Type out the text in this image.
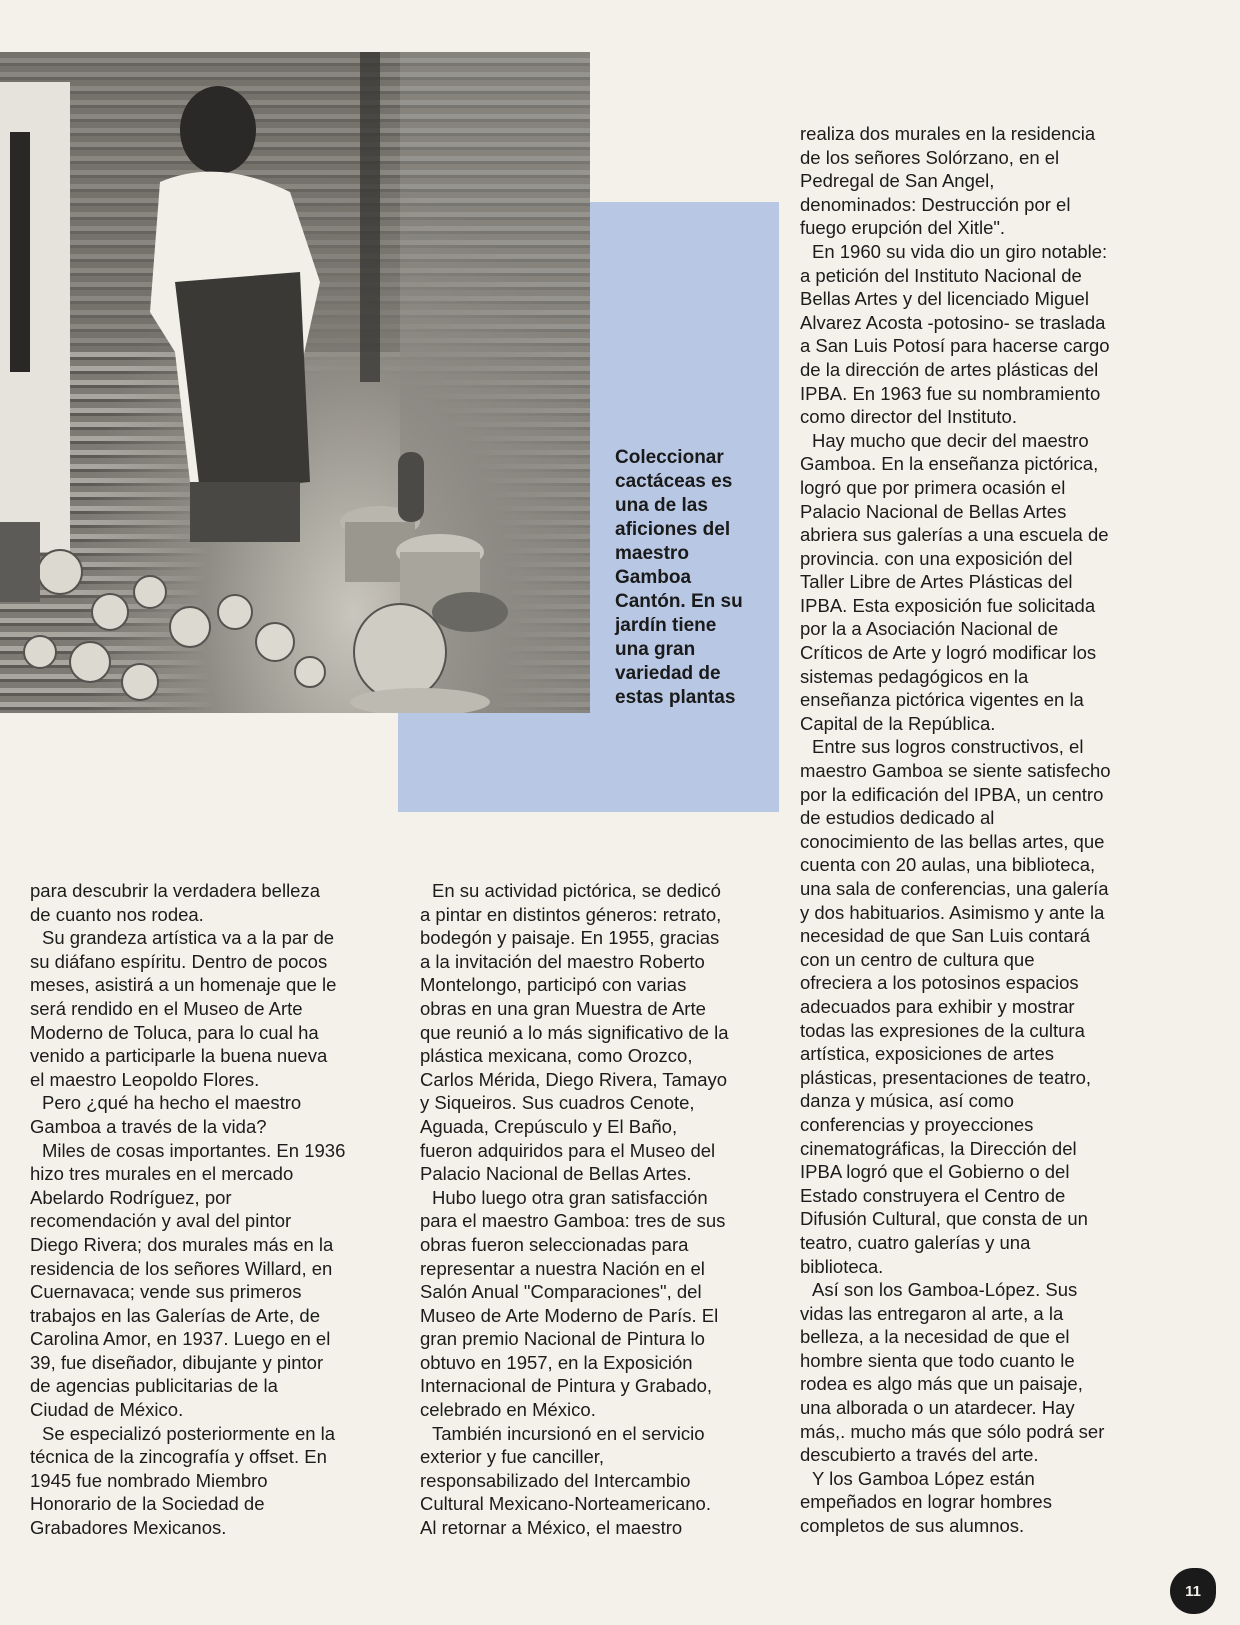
Coleccionar
cactáceas es
una de las
aficiones del
maestro
Gamboa
Cantón. En su
jardín tiene
una gran
variedad de
estas plantas

realiza dos murales en la residencia
de los señores Solórzano, en el
Pedregal de San Angel,
denominados: Destrucción por el
fuego erupción del Xitle".

En 1960 su vida dio un giro notable:
a petición del Instituto Nacional de
Bellas Artes y del licenciado Miguel
Alvarez Acosta -potosino- se traslada
a San Luis Potosí para hacerse cargo
de la dirección de artes plásticas del
IPBA. En 1963 fue su nombramiento
como director del Instituto.

Hay mucho que decir del maestro
Gamboa. En la enseñanza pictórica,
logró que por primera ocasión el
Palacio Nacional de Bellas Artes
abriera sus galerías a una escuela de
provincia. con una exposición del
Taller Libre de Artes Plásticas del
IPBA. Esta exposición fue solicitada
por la a Asociación Nacional de
Críticos de Arte y logró modificar los
sistemas pedagógicos en la
enseñanza pictórica vigentes en la
Capital de la República.

Entre sus logros constructivos, el
maestro Gamboa se siente satisfecho
por la edificación del IPBA, un centro
de estudios dedicado al
conocimiento de las bellas artes, que
cuenta con 20 aulas, una biblioteca,
una sala de conferencias, una galería
y dos habituarios. Asimismo y ante la
necesidad de que San Luis contará
con un centro de cultura que
ofreciera a los potosinos espacios
adecuados para exhibir y mostrar
todas las expresiones de la cultura
artística, exposiciones de artes
plásticas, presentaciones de teatro,
danza y música, así como
conferencias y proyecciones
cinematográficas, la Dirección del
IPBA logró que el Gobierno o del
Estado construyera el Centro de
Difusión Cultural, que consta de un
teatro, cuatro galerías y una
biblioteca.

Así son los Gamboa-López. Sus
vidas las entregaron al arte, a la
belleza, a la necesidad de que el
hombre sienta que todo cuanto le
rodea es algo más que un paisaje,
una alborada o un atardecer. Hay
más,. mucho más que sólo podrá ser
descubierto a través del arte.

Y los Gamboa López están
empeñados en lograr hombres
completos de sus alumnos.

para descubrir la verdadera belleza
de cuanto nos rodea.

Su grandeza artística va a la par de
su diáfano espíritu. Dentro de pocos
meses, asistirá a un homenaje que le
será rendido en el Museo de Arte
Moderno de Toluca, para lo cual ha
venido a participarle la buena nueva
el maestro Leopoldo Flores.

Pero ¿qué ha hecho el maestro
Gamboa a través de la vida?

Miles de cosas importantes. En 1936
hizo tres murales en el mercado
Abelardo Rodríguez, por
recomendación y aval del pintor
Diego Rivera; dos murales más en la
residencia de los señores Willard, en
Cuernavaca; vende sus primeros
trabajos en las Galerías de Arte, de
Carolina Amor, en 1937. Luego en el
39, fue diseñador, dibujante y pintor
de agencias publicitarias de la
Ciudad de México.

Se especializó posteriormente en la
técnica de la zincografía y offset. En
1945 fue nombrado Miembro
Honorario de la Sociedad de
Grabadores Mexicanos.

En su actividad pictórica, se dedicó
a pintar en distintos géneros: retrato,
bodegón y paisaje. En 1955, gracias
a la invitación del maestro Roberto
Montelongo, participó con varias
obras en una gran Muestra de Arte
que reunió a lo más significativo de la
plástica mexicana, como Orozco,
Carlos Mérida, Diego Rivera, Tamayo
y Siqueiros. Sus cuadros Cenote,
Aguada, Crepúsculo y El Baño,
fueron adquiridos para el Museo del
Palacio Nacional de Bellas Artes.

Hubo luego otra gran satisfacción
para el maestro Gamboa: tres de sus
obras fueron seleccionadas para
representar a nuestra Nación en el
Salón Anual "Comparaciones", del
Museo de Arte Moderno de París. El
gran premio Nacional de Pintura lo
obtuvo en 1957, en la Exposición
Internacional de Pintura y Grabado,
celebrado en México.

También incursionó en el servicio
exterior y fue canciller,
responsabilizado del Intercambio
Cultural Mexicano-Norteamericano.
Al retornar a México, el maestro

11
